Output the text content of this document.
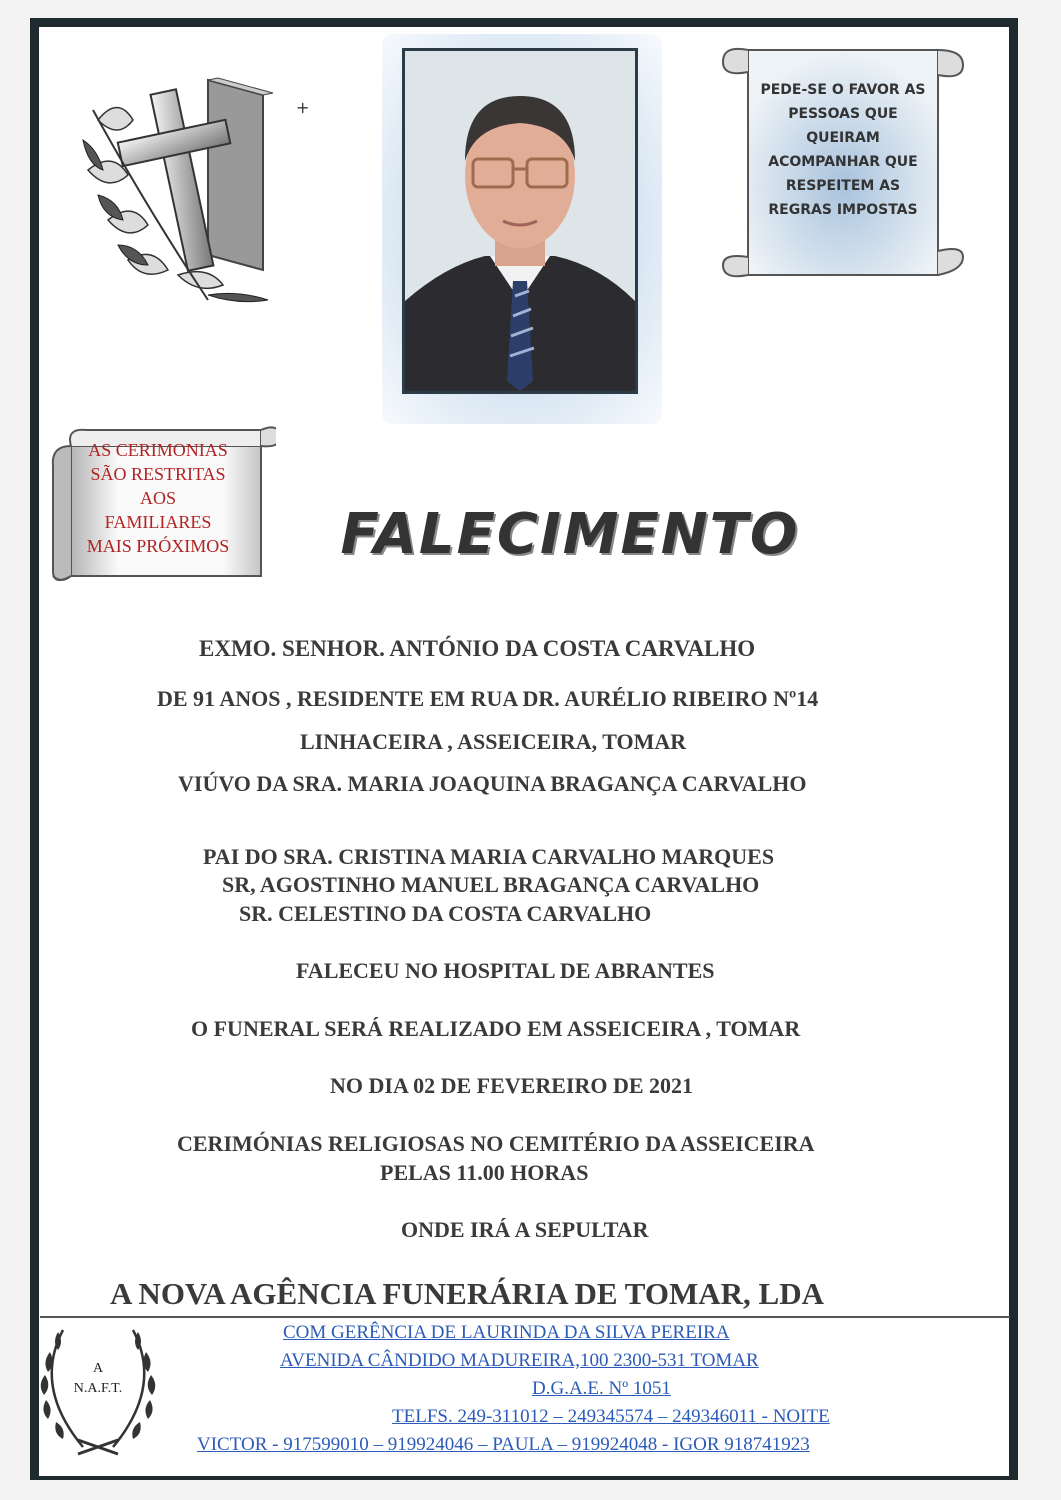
+
PEDE-SE O FAVOR AS
PESSOAS QUE
QUEIRAM
ACOMPANHAR QUE
RESPEITEM AS
REGRAS IMPOSTAS
AS CERIMONIAS
SÃO RESTRITAS
AOS
FAMILIARES
MAIS PRÓXIMOS	FALECIMENTO
EXMO. SENHOR. ANTÓNIO DA COSTA CARVALHO
DE 91 ANOS , RESIDENTE EM RUA DR. AURÉLIO RIBEIRO Nº14
LINHACEIRA , ASSEICEIRA, TOMAR
VIÚVO DA SRA. MARIA JOAQUINA BRAGANÇA CARVALHO
PAI DO SRA. CRISTINA MARIA CARVALHO MARQUES
SR, AGOSTINHO MANUEL BRAGANÇA CARVALHO
SR. CELESTINO DA COSTA CARVALHO
FALECEU NO HOSPITAL DE ABRANTES
O FUNERAL SERÁ REALIZADO EM ASSEICEIRA , TOMAR
NO DIA 02 DE FEVEREIRO DE 2021
CERIMÓNIAS RELIGIOSAS NO CEMITÉRIO DA ASSEICEIRA
PELAS 11.00 HORAS
ONDE IRÁ A SEPULTAR
A NOVA AGÊNCIA FUNERÁRIA DE TOMAR, LDA
A
N.A.F.T.
COM GERÊNCIA DE LAURINDA DA SILVA PEREIRA
AVENIDA CÂNDIDO MADUREIRA,100 2300-531 TOMAR
D.G.A.E. Nº 1051
TELFS. 249-311012 – 249345574 – 249346011 - NOITE
VICTOR - 917599010 – 919924046 – PAULA – 919924048 - IGOR 918741923
